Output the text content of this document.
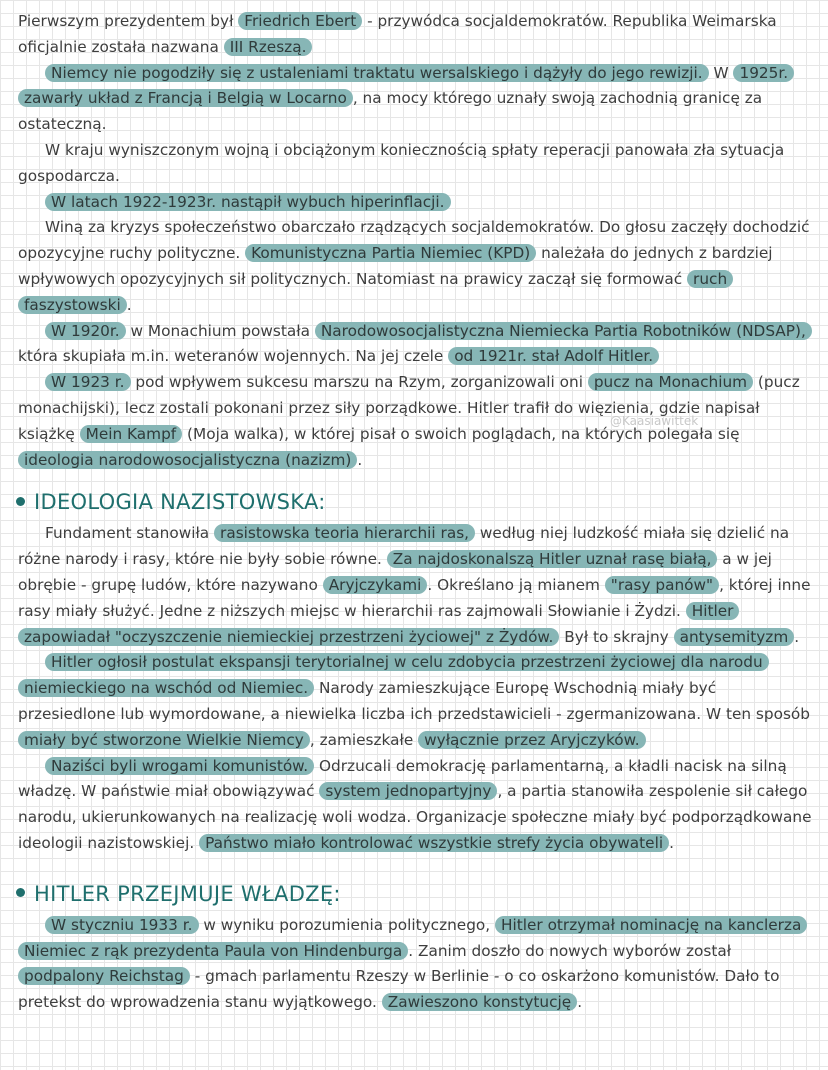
Pierwszym prezydentem był Friedrich Ebert - przywódca socjaldemokratów. Republika Weimarska oficjalnie została nazwana III Rzeszą.

Niemcy nie pogodziły się z ustaleniami traktatu wersalskiego i dążyły do jego rewizji. W 1925r. zawarły układ z Francją i Belgią w Locarno , na mocy którego uznały swoją zachodnią granicę za ostateczną.

W kraju wyniszczonym wojną i obciążonym koniecznością spłaty reperacji panowała zła sytuacja gospodarcza.

W latach 1922-1923r. nastąpił wybuch hiperinflacji.

Winą za kryzys społeczeństwo obarczało rządzących socjaldemokratów. Do głosu zaczęły dochodzić opozycyjne ruchy polityczne. Komunistyczna Partia Niemiec (KPD) należała do jednych z bardziej wpływowych opozycyjnych sił politycznych. Natomiast na prawicy zaczął się formować ruch faszystowski .

W 1920r. w Monachium powstała Narodowosocjalistyczna Niemiecka Partia Robotników (NDSAP), która skupiała m.in. weteranów wojennych. Na jej czele od 1921r. stał Adolf Hitler.

W 1923 r. pod wpływem sukcesu marszu na Rzym, zorganizowali oni pucz na Monachium (pucz monachijski), lecz zostali pokonani przez siły porządkowe. Hitler trafił do więzienia, gdzie napisał książkę Mein Kampf (Moja walka), w której pisał o swoich poglądach, na których polegała się ideologia narodowosocjalistyczna (nazizm) .

IDEOLOGIA NAZISTOWSKA:

Fundament stanowiła rasistowska teoria hierarchii ras, według niej ludzkość miała się dzielić na różne narody i rasy, które nie były sobie równe. Za najdoskonalszą Hitler uznał rasę białą, a w jej obrębie - grupę ludów, które nazywano Aryjczykami . Określano ją mianem "rasy panów" , której inne rasy miały służyć. Jedne z niższych miejsc w hierarchii ras zajmowali Słowianie i Żydzi. Hitler zapowiadał "oczyszczenie niemieckiej przestrzeni życiowej" z Żydów. Był to skrajny antysemityzm .

Hitler ogłosił postulat ekspansji terytorialnej w celu zdobycia przestrzeni życiowej dla narodu niemieckiego na wschód od Niemiec. Narody zamieszkujące Europę Wschodnią miały być przesiedlone lub wymordowane, a niewielka liczba ich przedstawicieli - zgermanizowana. W ten sposób miały być stworzone Wielkie Niemcy , zamieszkałe wyłącznie przez Aryjczyków.

Naziści byli wrogami komunistów. Odrzucali demokrację parlamentarną, a kładli nacisk na silną władzę. W państwie miał obowiązywać system jednopartyjny , a partia stanowiła zespolenie sił całego narodu, ukierunkowanych na realizację woli wodza. Organizacje społeczne miały być podporządkowane ideologii nazistowskiej. Państwo miało kontrolować wszystkie strefy życia obywateli .

HITLER PRZEJMUJE WŁADZĘ:

W styczniu 1933 r. w wyniku porozumienia politycznego, Hitler otrzymał nominację na kanclerza Niemiec z rąk prezydenta Paula von Hindenburga . Zanim doszło do nowych wyborów został podpalony Reichstag - gmach parlamentu Rzeszy w Berlinie - o co oskarżono komunistów. Dało to pretekst do wprowadzenia stanu wyjątkowego. Zawieszono konstytucję .

@Kaasiawittek
